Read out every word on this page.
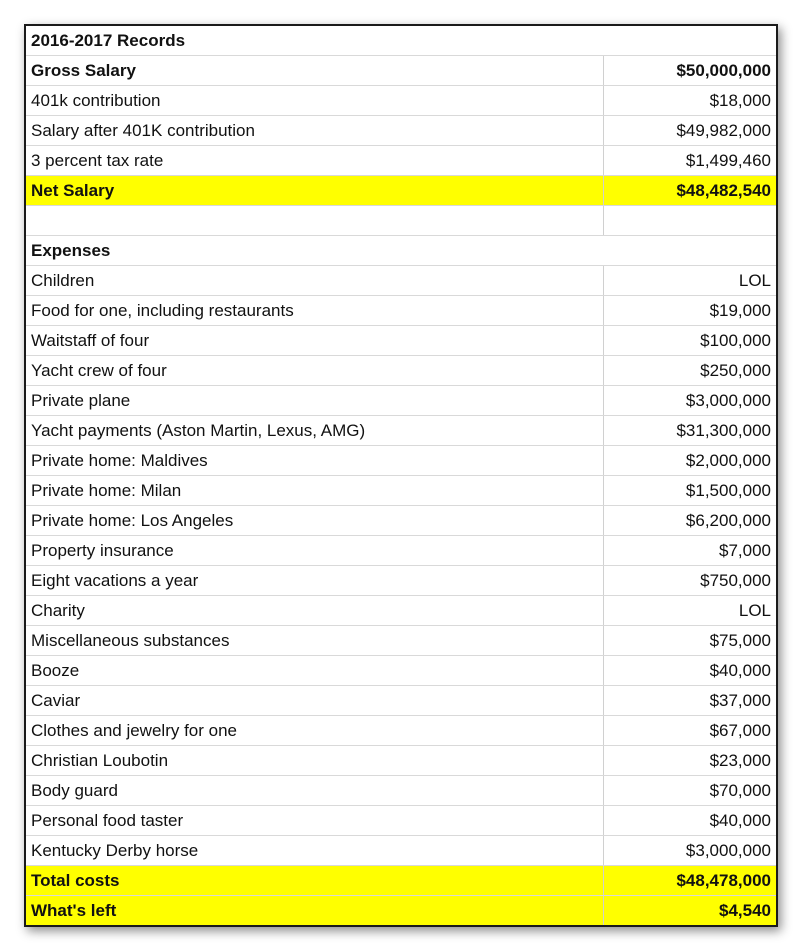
2016-2017 Records	
Gross Salary	$50,000,000
401k contribution	$18,000
Salary after 401K contribution	$49,982,000
3 percent tax rate	$1,499,460
Net Salary	$48,482,540

Expenses	
Children	LOL
Food for one, including restaurants	$19,000
Waitstaff of four	$100,000
Yacht crew of four	$250,000
Private plane	$3,000,000
Yacht payments (Aston Martin, Lexus, AMG)	$31,300,000
Private home: Maldives	$2,000,000
Private home: Milan	$1,500,000
Private home: Los Angeles	$6,200,000
Property insurance	$7,000
Eight vacations a year	$750,000
Charity	LOL
Miscellaneous substances	$75,000
Booze	$40,000
Caviar	$37,000
Clothes and jewelry for one	$67,000
Christian Loubotin	$23,000
Body guard	$70,000
Personal food taster	$40,000
Kentucky Derby horse	$3,000,000
Total costs	$48,478,000
What's left	$4,540
